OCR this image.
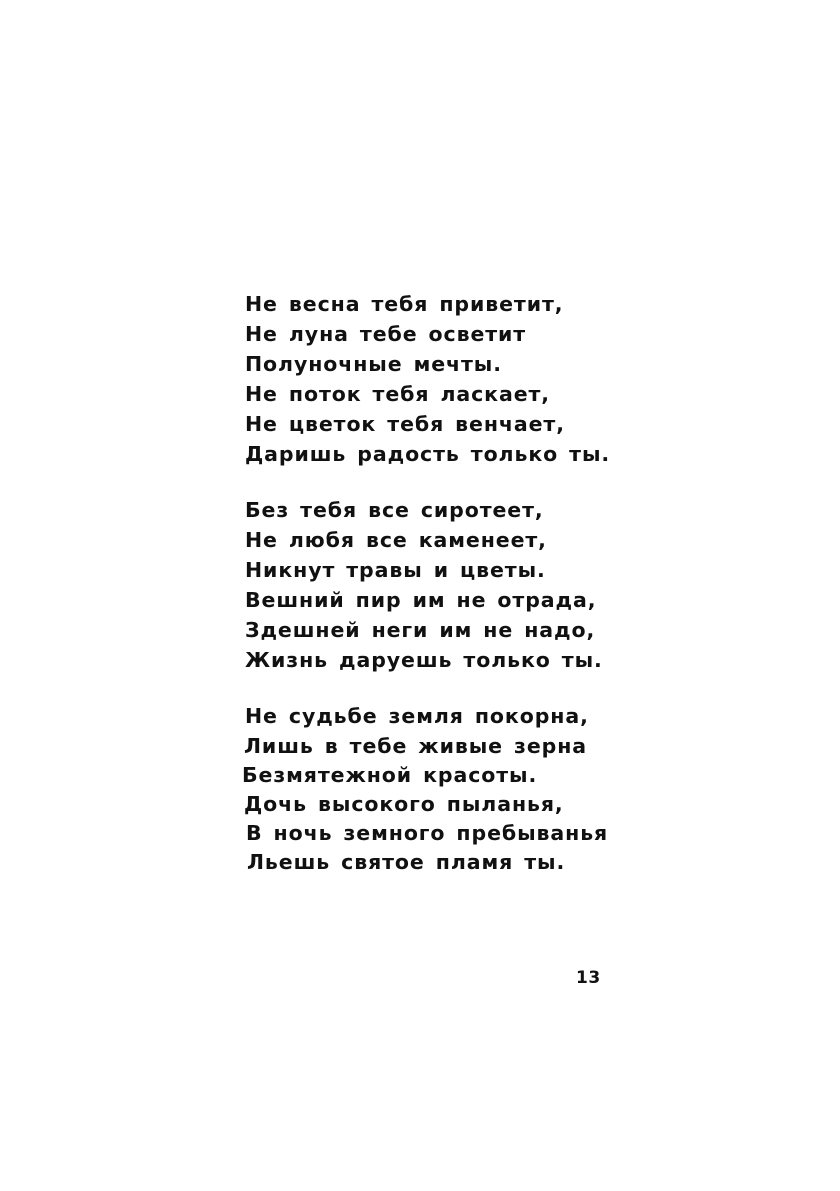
Не весна тебя приветит,
Не луна тебе осветит
Полуночные мечты.
Не поток тебя ласкает,
Не цветок тебя венчает,
Даришь радость только ты.
Без тебя все сиротеет,
Не любя все каменеет,
Никнут травы и цветы.
Вешний пир им не отрада,
Здешней неги им не надо,
Жизнь даруешь только ты.
Не судьбе земля покорна,
Лишь в тебе живые зерна
Безмятежной красоты.
Дочь высокого пыланья,
В ночь земного пребыванья
Льешь святое пламя ты.
13
